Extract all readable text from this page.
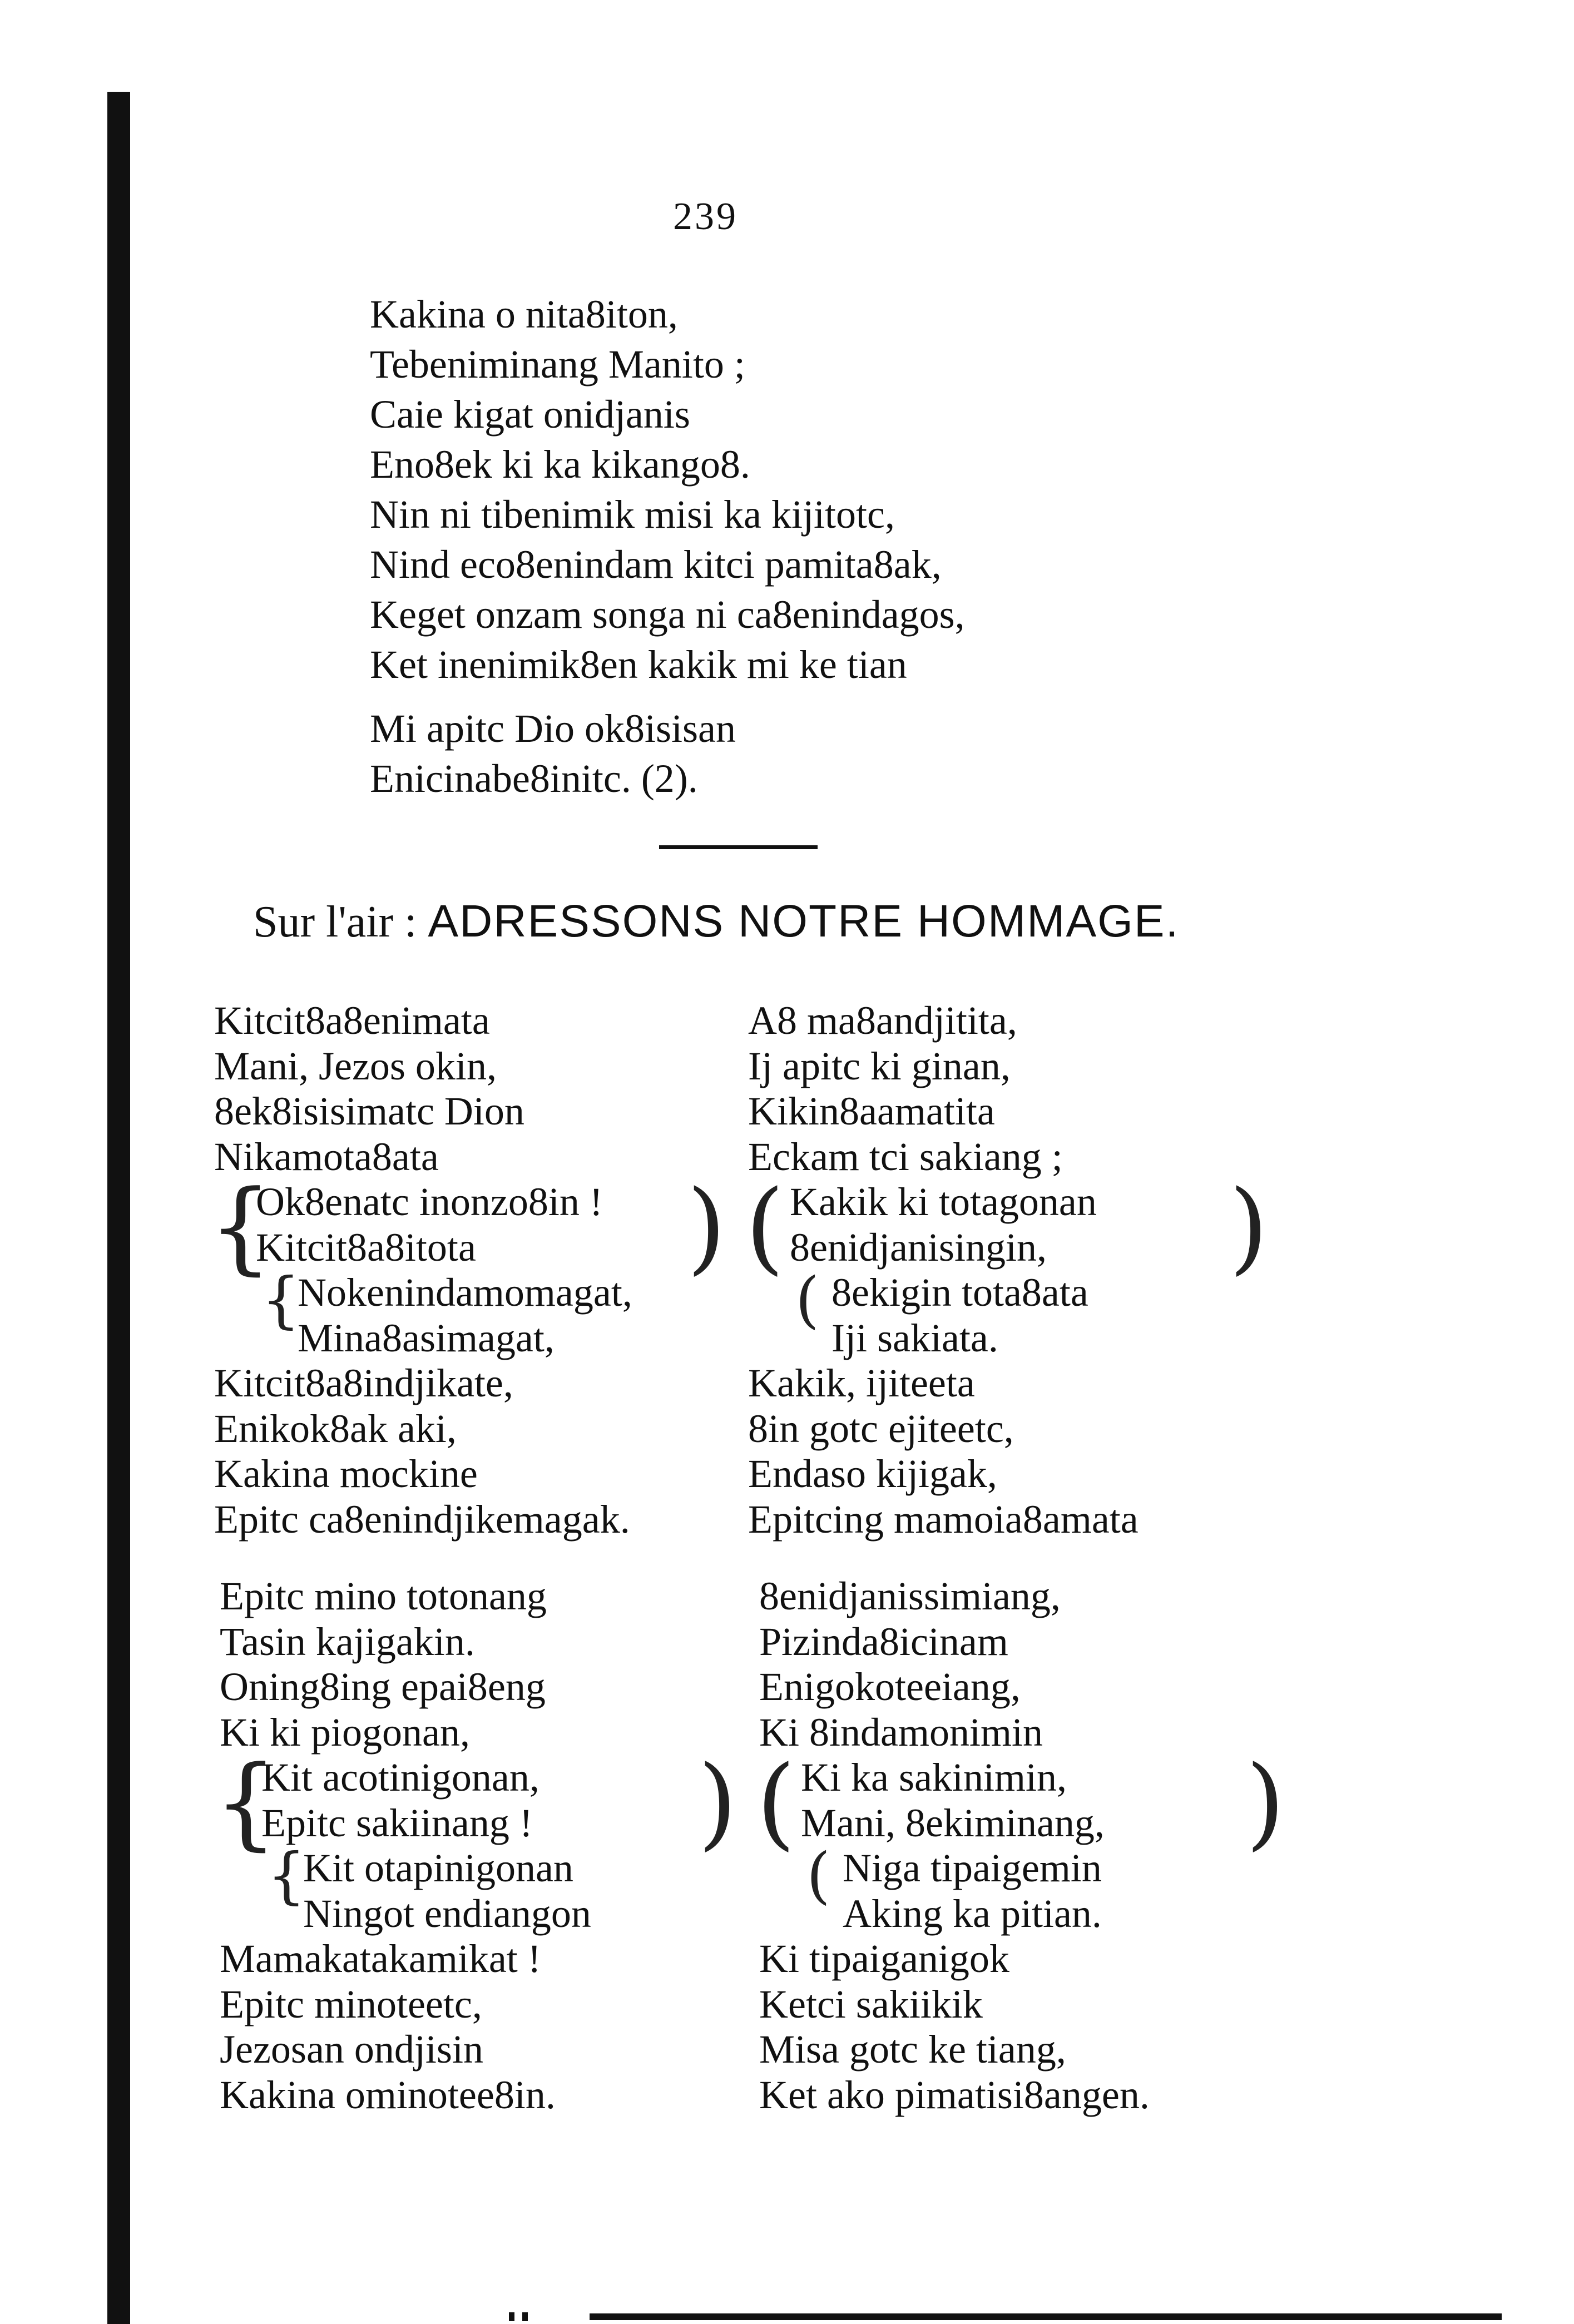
239
Kakina o nita8iton,
Tebeniminang Manito ;
Caie kigat onidjanis
Eno8ek ki ka kikango8.
Nin ni tibenimik misi ka kijitotc,
Nind eco8enindam kitci pamita8ak,
Keget onzam songa ni ca8enindagos,
Ket inenimik8en kakik mi ke tian
Mi apitc Dio ok8isisan
Enicinabe8initc. (2).
Sur l'air : ADRESSONS NOTRE HOMMAGE.
Kitcit8a8enimata
Mani, Jezos okin,
8ek8isisimatc Dion
Nikamota8ata
Ok8enatc inonzo8in !
Kitcit8a8itota
Nokenindamomagat,
Mina8asimagat,
Kitcit8a8indjikate,
Enikok8ak aki,
Kakina mockine
Epitc ca8enindjikemagak.
A8 ma8andjitita,
Ij apitc ki ginan,
Kikin8aamatita
Eckam tci sakiang ;
Kakik ki totagonan
8enidjanisingin,
8ekigin tota8ata
Iji sakiata.
Kakik, ijiteeta
8in gotc ejiteetc,
Endaso kijigak,
Epitcing mamoia8amata
Epitc mino totonang
Tasin kajigakin.
Oning8ing epai8eng
Ki ki piogonan,
Kit acotinigonan,
Epitc sakiinang !
Kit otapinigonan
Ningot endiangon
Mamakatakamikat !
Epitc minoteetc,
Jezosan ondjisin
Kakina ominotee8in.
8enidjanissimiang,
Pizinda8icinam
Enigokoteeiang,
Ki 8indamonimin
Ki ka sakinimin,
Mani, 8ekiminang,
Niga tipaigemin
Aking ka pitian.
Ki tipaiganigok
Ketci sakiikik
Misa gotc ke tiang,
Ket ako pimatisi8angen.
{
{
) (
(
)
{
{
) (
(
)
